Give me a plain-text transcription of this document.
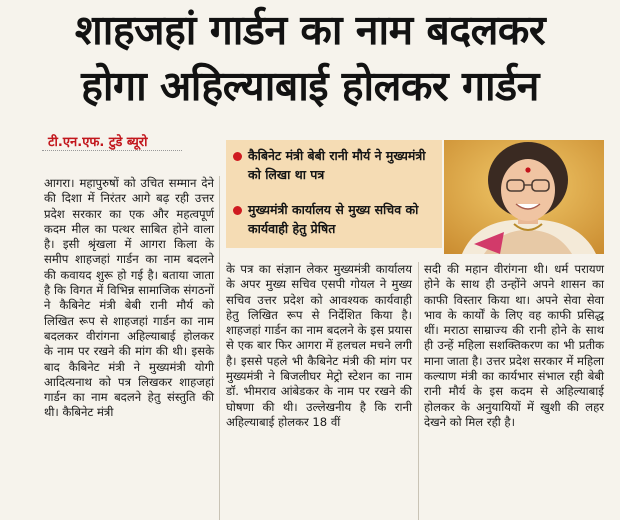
शाहजहां गार्डन का नाम बदलकर
होगा अहिल्याबाई होलकर गार्डन
टी.एन.एफ. टुडे ब्यूरो
कैबिनेट मंत्री बेबी रानी मौर्य ने मुख्यमंत्री को लिखा था पत्र
मुख्यमंत्री कार्यालय से मुख्य सचिव को कार्यवाही हेतु प्रेषित

आगरा। महापुरुषों को उचित सम्मान देने की दिशा में निरंतर आगे बढ़ रही उत्तर प्रदेश सरकार का एक और महत्वपूर्ण कदम मील का पत्थर साबित होने वाला है। इसी श्रृंखला में आगरा किला के समीप शाहजहां गार्डन का नाम बदलने की कवायद शुरू हो गई है। बताया जाता है कि विगत में विभिन्न सामाजिक संगठनों ने कैबिनेट मंत्री बेबी रानी मौर्य को लिखित रूप से शाहजहां गार्डन का नाम बदलकर वीरांगना अहिल्याबाई होलकर के नाम पर रखने की मांग की थी। इसके बाद कैबिनेट मंत्री ने मुख्यमंत्री योगी आदित्यनाथ को पत्र लिखकर शाहजहां गार्डन का नाम बदलने हेतु संस्तुति की थी। कैबिनेट मंत्री

के पत्र का संज्ञान लेकर मुख्यमंत्री कार्यालय के अपर मुख्य सचिव एसपी गोयल ने मुख्य सचिव उत्तर प्रदेश को आवश्यक कार्यवाही हेतु लिखित रूप से निर्देशित किया है। शाहजहां गार्डन का नाम बदलने के इस प्रयास से एक बार फिर आगरा में हलचल मचने लगी है। इससे पहले भी कैबिनेट मंत्री की मांग पर मुख्यमंत्री ने बिजलीघर मेट्रो स्टेशन का नाम डॉ. भीमराव आंबेडकर के नाम पर रखने की घोषणा की थी। उल्लेखनीय है कि रानी अहिल्याबाई होलकर 18 वीं

सदी की महान वीरांगना थी। धर्म परायण होने के साथ ही उन्होंने अपने शासन का काफी विस्तार किया था। अपने सेवा सेवा भाव के कार्यों के लिए वह काफी प्रसिद्ध थीं। मराठा साम्राज्य की रानी होने के साथ ही उन्हें महिला सशक्तिकरण का भी प्रतीक माना जाता है। उत्तर प्रदेश सरकार में महिला कल्याण मंत्री का कार्यभार संभाल रही बेबी रानी मौर्य के इस कदम से अहिल्याबाई होलकर के अनुयायियों में खुशी की लहर देखने को मिल रही है।
